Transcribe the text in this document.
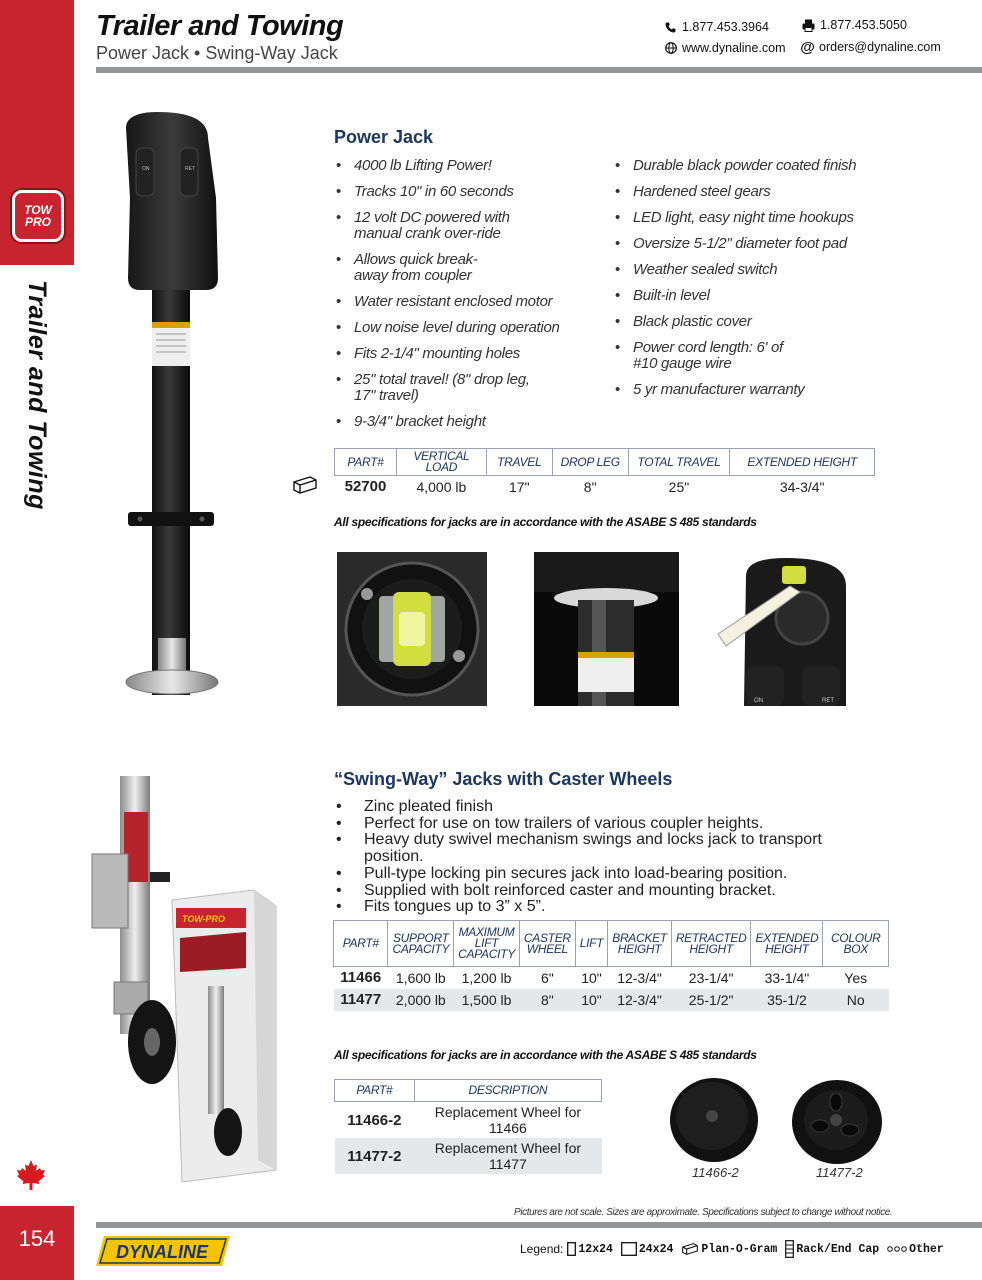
TOW
PRO
Trailer and Towing
154
Trailer and Towing
Power Jack • Swing-Way Jack
1.877.453.3964	1.877.453.5050
www.dynaline.com @ orders@dynaline.com
ON	RET
Power Jack
• 4000 lb Lifting Power!
• Tracks 10" in 60 seconds
• 12 volt DC powered with manual crank over-ride
• Allows quick break-away from coupler
• Water resistant enclosed motor
• Low noise level during operation
• Fits 2-1/4" mounting holes
• 25" total travel! (8" drop leg, 17" travel)
• 9-3/4" bracket height
• Durable black powder coated finish
• Hardened steel gears
• LED light, easy night time hookups
• Oversize 5-1/2" diameter foot pad
• Weather sealed switch
• Built-in level
• Black plastic cover
• Power cord length: 6' of #10 gauge wire
• 5 yr manufacturer warranty
PART#	VERTICAL LOAD	TRAVEL	DROP LEG	TOTAL TRAVEL	EXTENDED HEIGHT
52700	4,000 lb	17"	8"	25"	34-3/4"
All specifications for jacks are in accordance with the ASABE S 485 standards
ON	RET
TOW-PRO
“Swing-Way” Jacks with Caster Wheels
• Zinc pleated finish
• Perfect for use on tow trailers of various coupler heights.
• Heavy duty swivel mechanism swings and locks jack to transport position.
• Pull-type locking pin secures jack into load-bearing position.
• Supplied with bolt reinforced caster and mounting bracket.
• Fits tongues up to 3” x 5”.
PART#	SUPPORT CAPACITY	MAXIMUM LIFT CAPACITY	CASTER WHEEL	LIFT	BRACKET HEIGHT	RETRACTED HEIGHT	EXTENDED HEIGHT	COLOUR BOX
11466	1,600 lb	1,200 lb	6"	10"	12-3/4"	23-1/4"	33-1/4"	Yes
11477	2,000 lb	1,500 lb	8"	10"	12-3/4"	25-1/2"	35-1/2	No
All specifications for jacks are in accordance with the ASABE S 485 standards
PART#	DESCRIPTION
11466-2	Replacement Wheel for 11466
11477-2	Replacement Wheel for 11477
11466-2	11477-2
Pictures are not scale. Sizes are approximate. Specifications subject to change without notice.
DYNALINE	Legend: 12x24 24x24 Plan-O-Gram Rack/End Cap	Other
